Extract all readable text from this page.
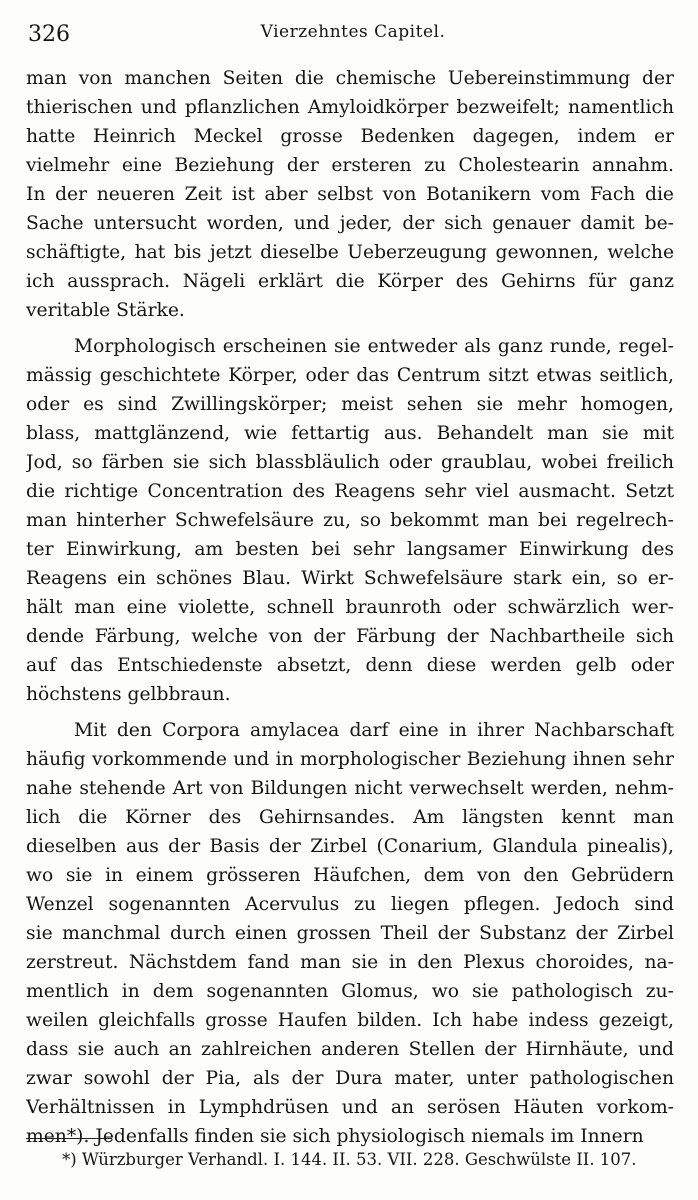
326	Vierzehntes Capitel.
man von manchen Seiten die chemische Uebereinstimmung der
thierischen und pflanzlichen Amyloidkörper bezweifelt; namentlich
hatte Heinrich Meckel grosse Bedenken dagegen, indem er
vielmehr eine Beziehung der ersteren zu Cholestearin annahm.
In der neueren Zeit ist aber selbst von Botanikern vom Fach die
Sache untersucht worden, und jeder, der sich genauer damit be-
schäftigte, hat bis jetzt dieselbe Ueberzeugung gewonnen, welche
ich aussprach. Nägeli erklärt die Körper des Gehirns für ganz
veritable Stärke.
Morphologisch erscheinen sie entweder als ganz runde, regel-
mässig geschichtete Körper, oder das Centrum sitzt etwas seitlich,
oder es sind Zwillingskörper; meist sehen sie mehr homogen,
blass, mattglänzend, wie fettartig aus. Behandelt man sie mit
Jod, so färben sie sich blassbläulich oder graublau, wobei freilich
die richtige Concentration des Reagens sehr viel ausmacht. Setzt
man hinterher Schwefelsäure zu, so bekommt man bei regelrech-
ter Einwirkung, am besten bei sehr langsamer Einwirkung des
Reagens ein schönes Blau. Wirkt Schwefelsäure stark ein, so er-
hält man eine violette, schnell braunroth oder schwärzlich wer-
dende Färbung, welche von der Färbung der Nachbartheile sich
auf das Entschiedenste absetzt, denn diese werden gelb oder
höchstens gelbbraun.
Mit den Corpora amylacea darf eine in ihrer Nachbarschaft
häufig vorkommende und in morphologischer Beziehung ihnen sehr
nahe stehende Art von Bildungen nicht verwechselt werden, nehm-
lich die Körner des Gehirnsandes. Am längsten kennt man
dieselben aus der Basis der Zirbel (Conarium, Glandula pinealis),
wo sie in einem grösseren Häufchen, dem von den Gebrüdern
Wenzel sogenannten Acervulus zu liegen pflegen. Jedoch sind
sie manchmal durch einen grossen Theil der Substanz der Zirbel
zerstreut. Nächstdem fand man sie in den Plexus choroides, na-
mentlich in dem sogenannten Glomus, wo sie pathologisch zu-
weilen gleichfalls grosse Haufen bilden. Ich habe indess gezeigt,
dass sie auch an zahlreichen anderen Stellen der Hirnhäute, und
zwar sowohl der Pia, als der Dura mater, unter pathologischen
Verhältnissen in Lymphdrüsen und an serösen Häuten vorkom-
men*). Jedenfalls finden sie sich physiologisch niemals im Innern
*) Würzburger Verhandl. I. 144. II. 53. VII. 228. Geschwülste II. 107.
